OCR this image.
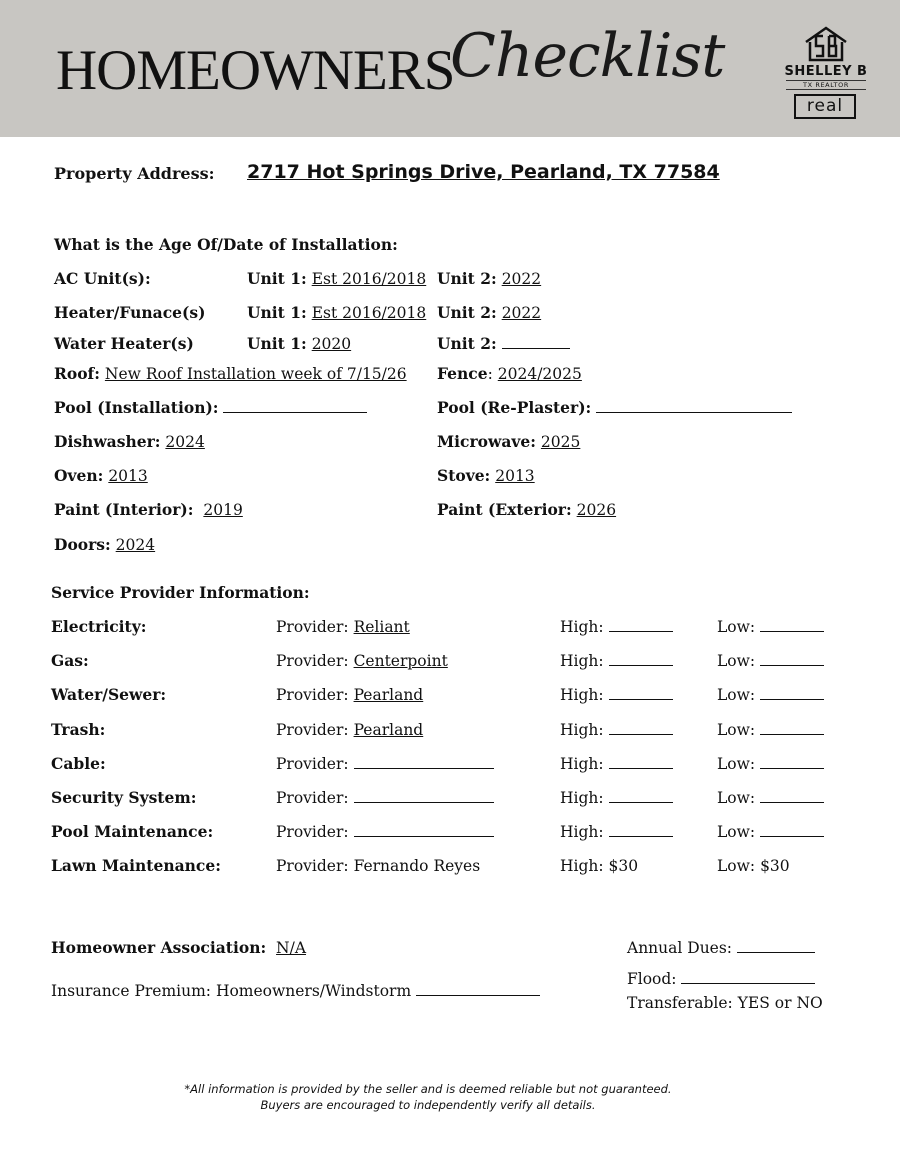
HOMEOWNERS
Checklist	SHELLEY B
TX REALTOR
real
Property Address: 2717 Hot Springs Drive, Pearland, TX 77584
What is the Age Of/Date of Installation:
AC Unit(s):	Unit 1: Est 2016/2018 Unit 2: 2022
Heater/Funace(s)	Unit 1: Est 2016/2018 Unit 2: 2022
Water Heater(s)	Unit 1: 2020	Unit 2:
Roof: New Roof Installation week of 7/15/26 Fence: 2024/2025
Pool (Installation):	Pool (Re-Plaster):
Dishwasher: 2024	Microwave: 2025
Oven: 2013	Stove: 2013
Paint (Interior): 2019	Paint (Exterior: 2026
Doors: 2024
Service Provider Information:
Electricity:	Provider: Reliant	High:	Low:
Gas:	Provider: Centerpoint	High:	Low:
Water/Sewer:	Provider: Pearland	High:	Low:
Trash:	Provider: Pearland	High:	Low:
Cable:	Provider:	High:	Low:
Security System:	Provider:	High:	Low:
Pool Maintenance:	Provider:	High:	Low:
Lawn Maintenance:	Provider: Fernando Reyes	High: $30	Low: $30
Homeowner Association: N/A	Annual Dues:
Insurance Premium: Homeowners/Windstorm
Flood:
Transferable: YES or NO
*All information is provided by the seller and is deemed reliable but not guaranteed.
Buyers are encouraged to independently verify all details.
